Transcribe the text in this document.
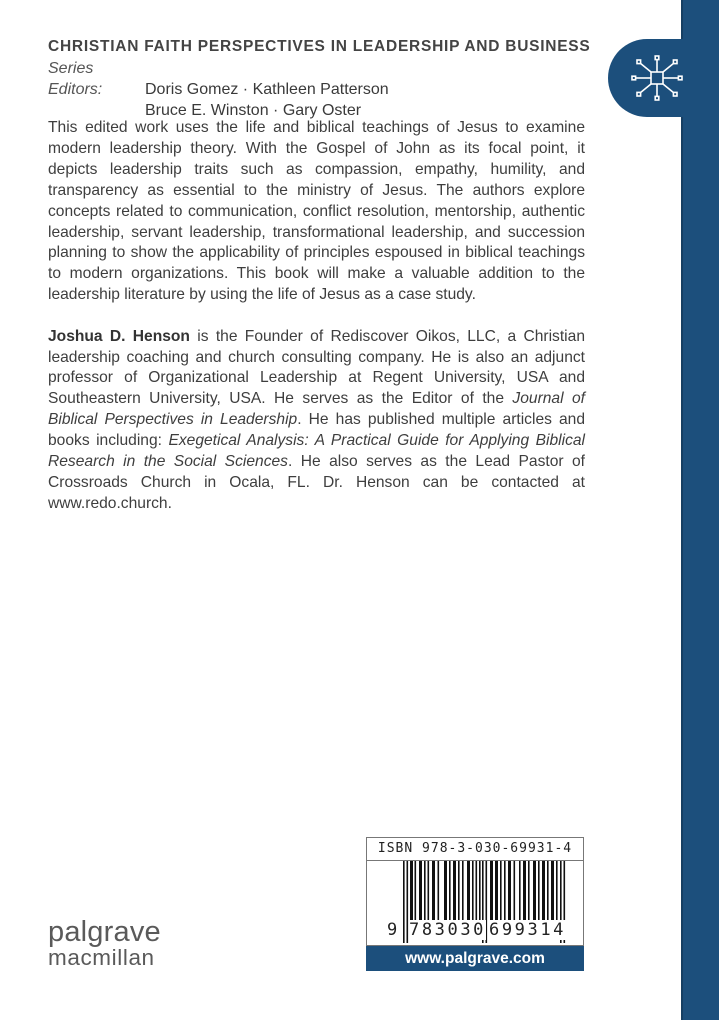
CHRISTIAN FAITH PERSPECTIVES IN LEADERSHIP AND BUSINESS
Series Editors:	Doris Gomez · Kathleen Patterson
Bruce E. Winston · Gary Oster

This edited work uses the life and biblical teachings of Jesus to examine modern leadership theory. With the Gospel of John as its focal point, it depicts leadership traits such as compassion, empathy, humility, and transparency as essential to the ministry of Jesus. The authors explore concepts related to communication, conflict resolution, mentorship, authentic leadership, servant leadership, transformational leadership, and succession planning to show the applicability of principles espoused in biblical teachings to modern organizations. This book will make a valuable addition to the leadership literature by using the life of Jesus as a case study.

Joshua D. Henson is the Founder of Rediscover Oikos, LLC, a Christian leadership coaching and church consulting company. He is also an adjunct professor of Organizational Leadership at Regent University, USA and Southeastern University, USA. He serves as the Editor of the Journal of Biblical Perspectives in Leadership. He has published multiple articles and books including: Exegetical Analysis: A Practical Guide for Applying Biblical Research in the Social Sciences. He also serves as the Lead Pastor of Crossroads Church in Ocala, FL. Dr. Henson can be contacted at www.redo.church.

ISBN 978-3-030-69931-4
9 783030 699314
www.palgrave.com
palgrave
macmillan
